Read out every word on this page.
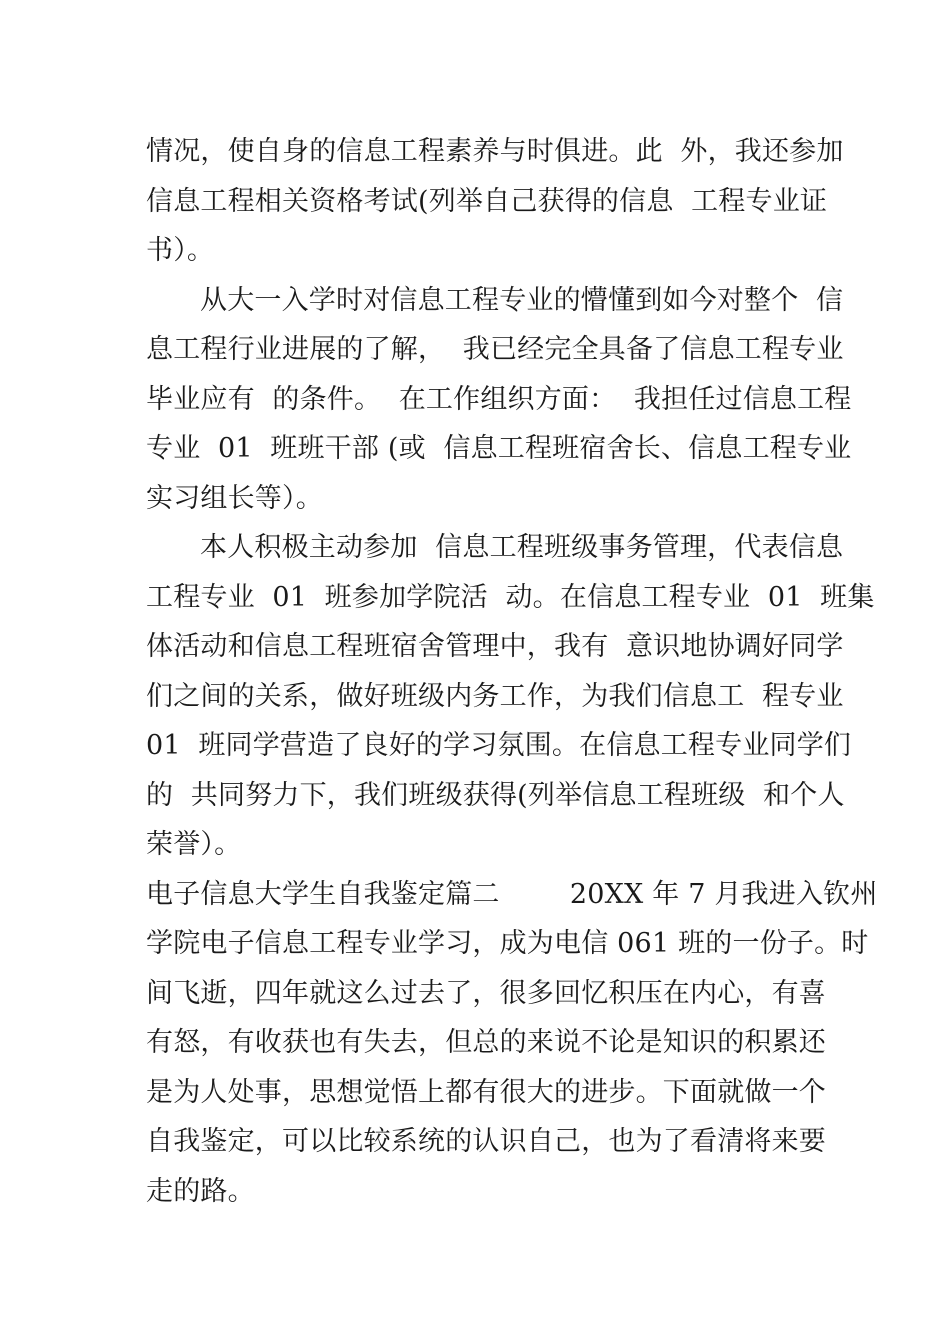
情况，使自身的信息工程素养与时俱进。此  外，我还参加
信息工程相关资格考试(列举自己获得的信息  工程专业证
书）。
从大一入学时对信息工程专业的懵懂到如今对整个  信
息工程行业进展的了解，  我已经完全具备了信息工程专业
毕业应有  的条件。  在工作组织方面：  我担任过信息工程
专业  01  班班干部 (或  信息工程班宿舍长、信息工程专业
实习组长等）。
本人积极主动参加  信息工程班级事务管理，代表信息
工程专业  01  班参加学院活  动。在信息工程专业  01  班集
体活动和信息工程班宿舍管理中，我有  意识地协调好同学
们之间的关系，做好班级内务工作，为我们信息工  程专业
01  班同学营造了良好的学习氛围。在信息工程专业同学们
的  共同努力下，我们班级获得(列举信息工程班级  和个人
荣誉）。
电子信息大学生自我鉴定篇二        20XX 年 7 月我进入钦州
学院电子信息工程专业学习，成为电信 061 班的一份子。时
间飞逝，四年就这么过去了，很多回忆积压在内心，有喜
有怒，有收获也有失去，但总的来说不论是知识的积累还
是为人处事，思想觉悟上都有很大的进步。下面就做一个
自我鉴定，可以比较系统的认识自己，也为了看清将来要
走的路。
